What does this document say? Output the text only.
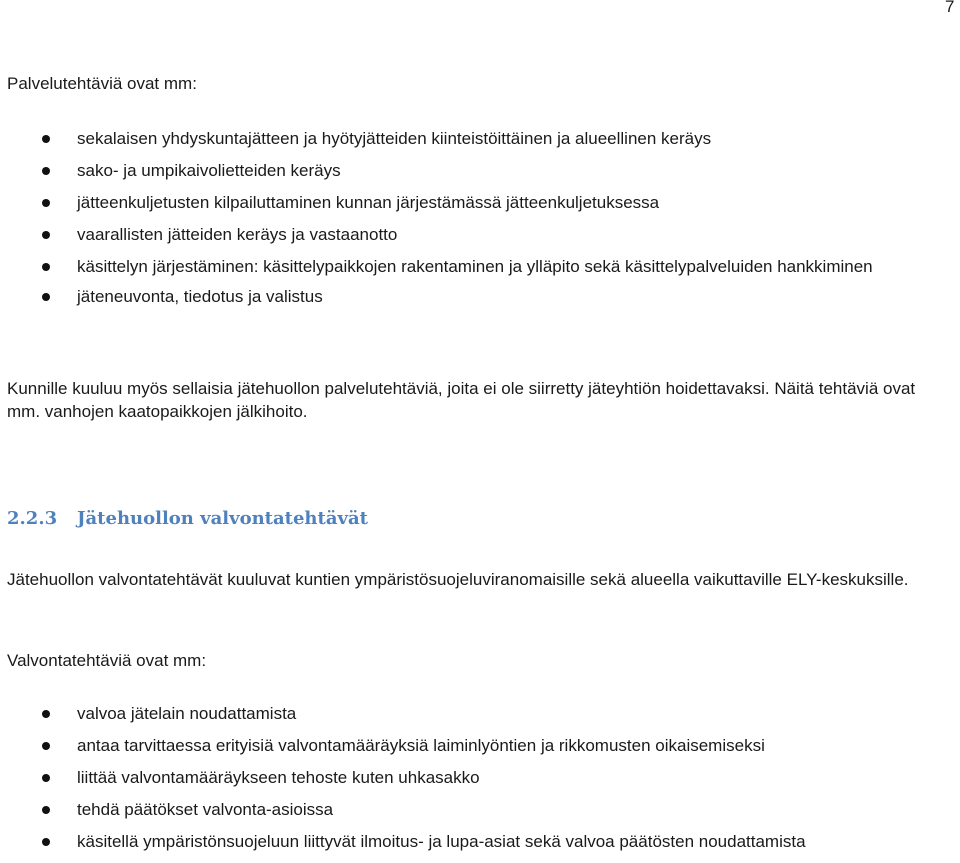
7
Palvelutehtäviä ovat mm:
sekalaisen yhdyskuntajätteen ja hyötyjätteiden kiinteistöittäinen ja alueellinen keräys
sako- ja umpikaivolietteiden keräys
jätteenkuljetusten kilpailuttaminen kunnan järjestämässä jätteenkuljetuksessa
vaarallisten jätteiden keräys ja vastaanotto
käsittelyn järjestäminen: käsittelypaikkojen rakentaminen ja ylläpito sekä käsittelypalveluiden hankkiminen
jäteneuvonta, tiedotus ja valistus
Kunnille kuuluu myös sellaisia jätehuollon palvelutehtäviä, joita ei ole siirretty jäteyhtiön hoidettavaksi. Näitä tehtäviä ovat mm. vanhojen kaatopaikkojen jälkihoito.
2.2.3 Jätehuollon valvontatehtävät
Jätehuollon valvontatehtävät kuuluvat kuntien ympäristösuojeluviranomaisille sekä alueella vaikuttaville ELY-keskuksille.
Valvontatehtäviä ovat mm:
valvoa jätelain noudattamista
antaa tarvittaessa erityisiä valvontamääräyksiä laiminlyöntien ja rikkomusten oikaisemiseksi
liittää valvontamääräykseen tehoste kuten uhkasakko
tehdä päätökset valvonta-asioissa
käsitellä ympäristönsuojeluun liittyvät ilmoitus- ja lupa-asiat sekä valvoa päätösten noudattamista
